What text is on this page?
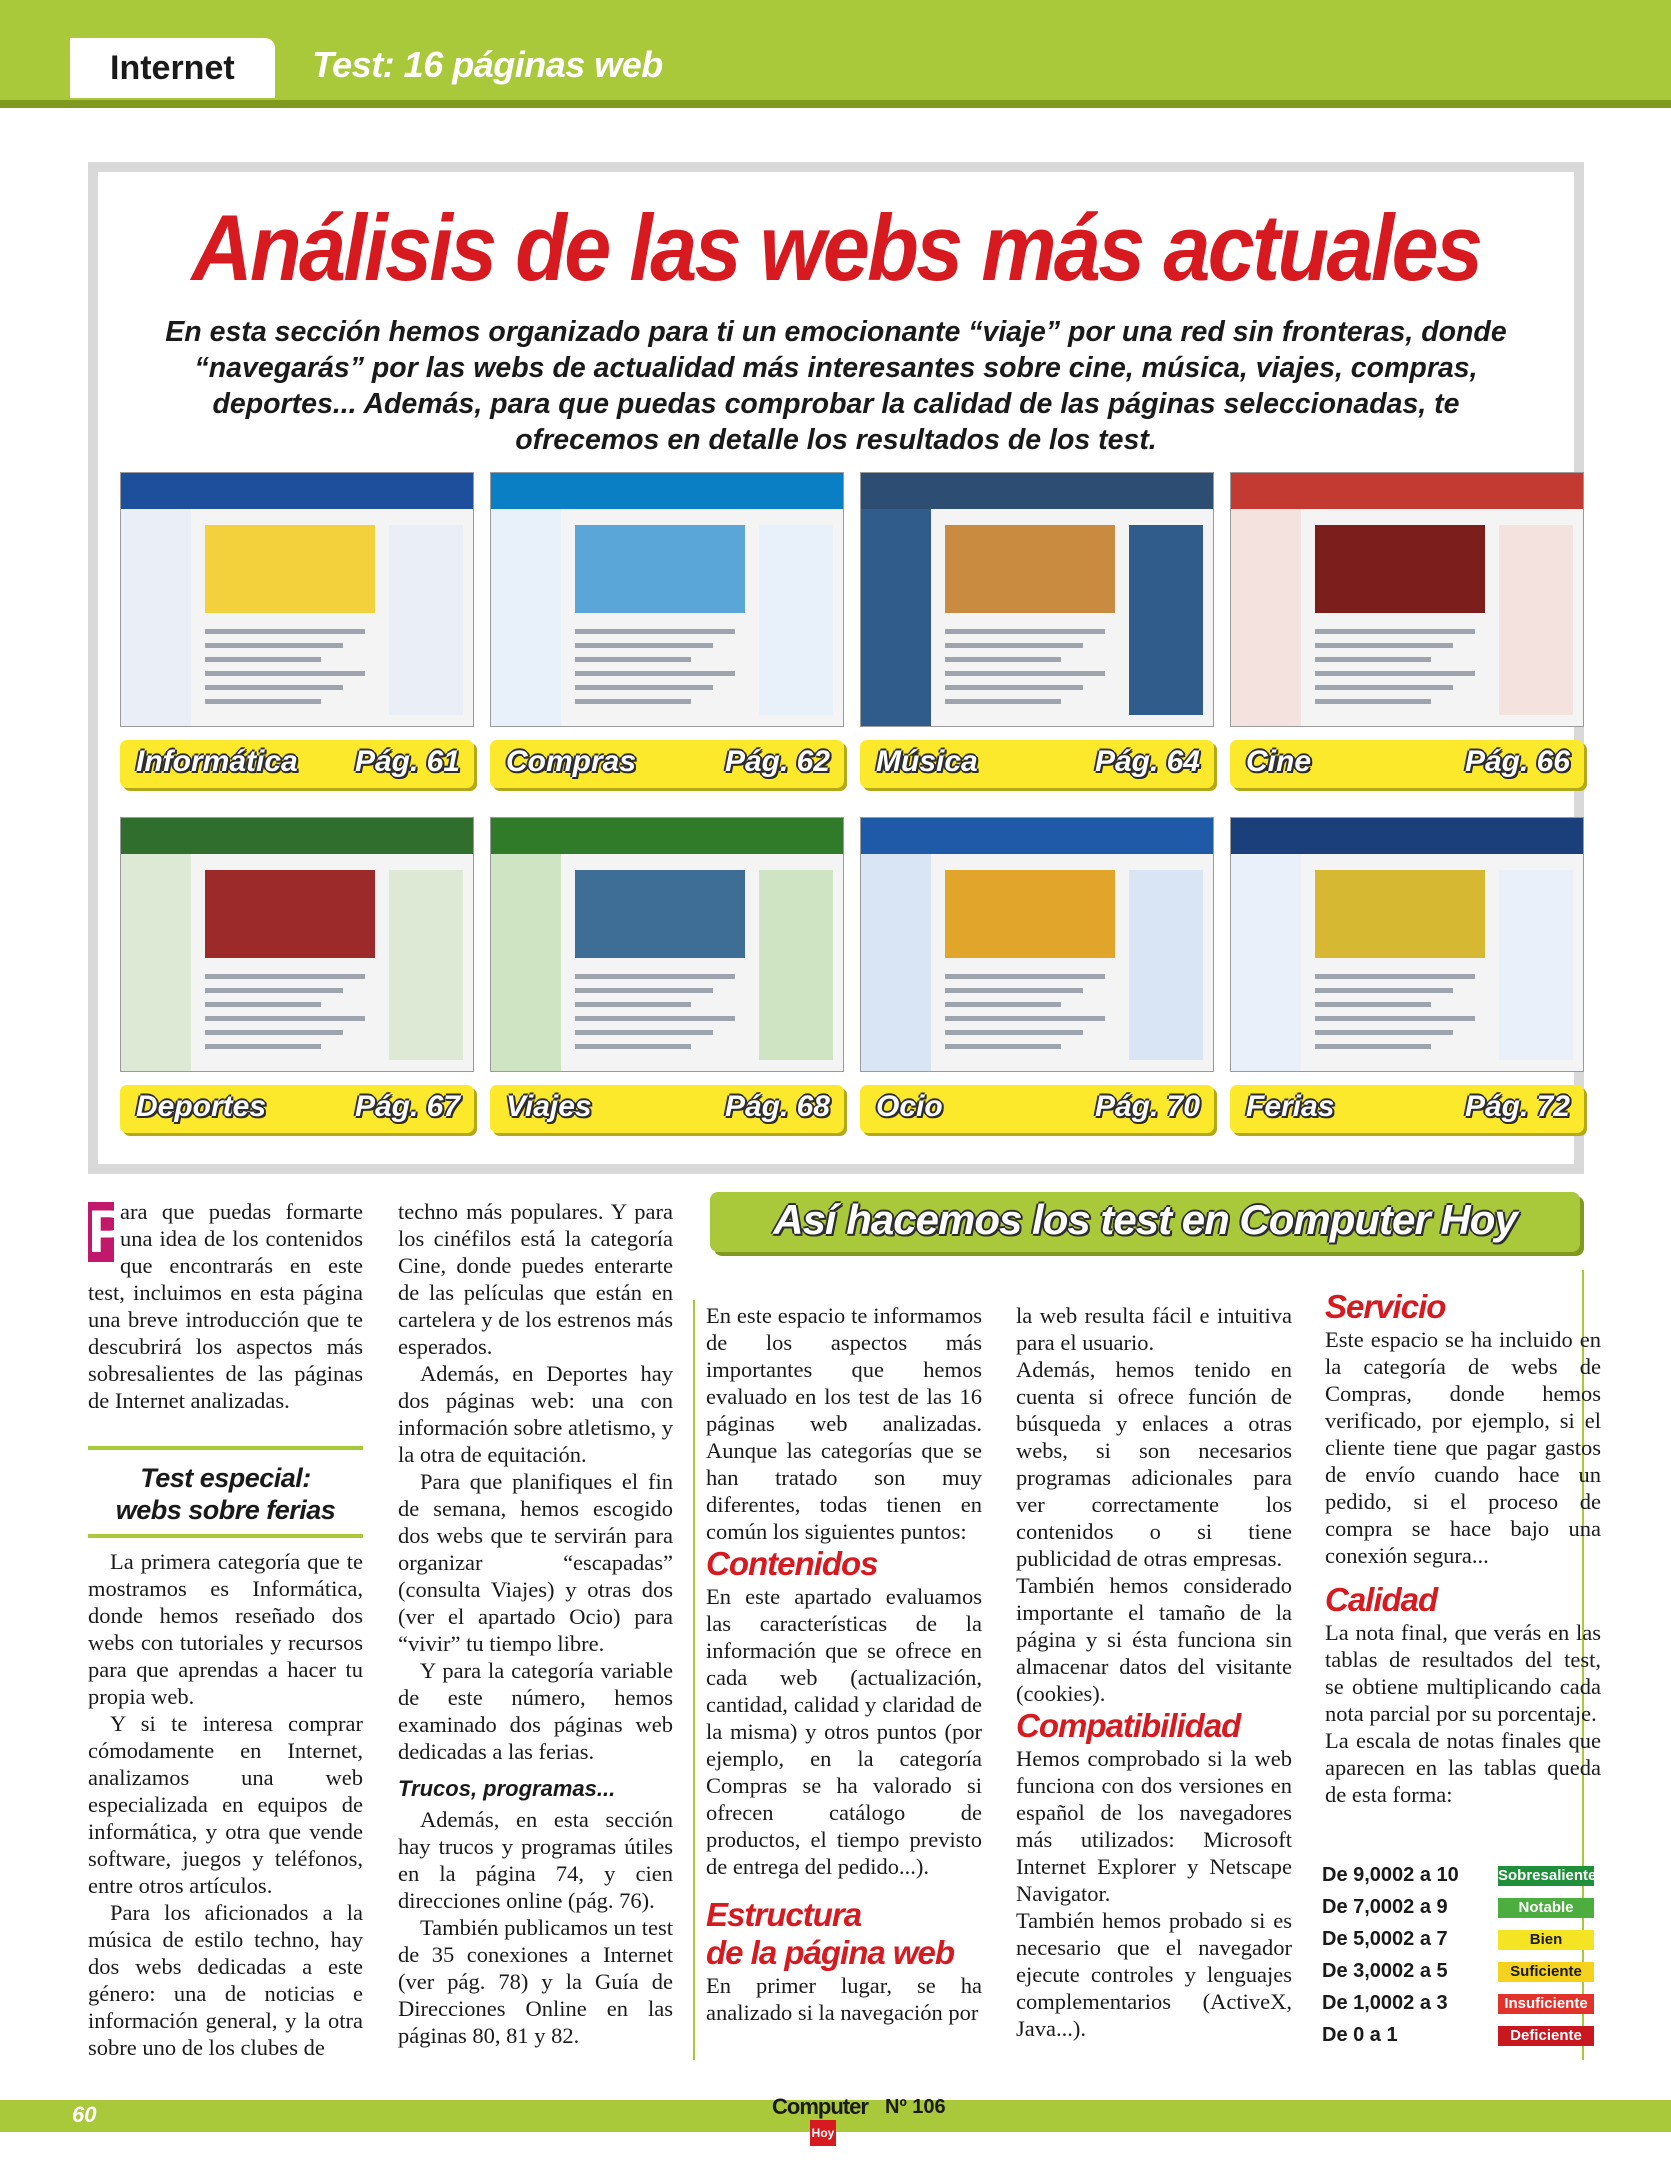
Internet	Test: 16 páginas web
Análisis de las webs más actuales
En esta sección hemos organizado para ti un emocionante “viaje” por una red sin fronteras, donde “navegarás” por las webs de actualidad más interesantes sobre cine, música, viajes, compras, deportes... Además, para que puedas comprobar la calidad de las páginas seleccionadas, te ofrecemos en detalle los resultados de los test.
Informática Pág. 61 Compras	Pág. 62 Música	Pág. 64 Cine	Pág. 66
Deportes	Pág. 67 Viajes	Pág. 68 Ocio	Pág. 70 Ferias	Pág. 72

P
ara que puedas formarte una idea de los contenidos que encontrarás en este test, incluimos en esta página una breve introducción que te descubrirá los aspectos más sobresalientes de las páginas de Internet analizadas.

Test especial:
webs sobre ferias

La primera categoría que te mostramos es Informática, donde hemos reseñado dos webs con tutoriales y recursos para que aprendas a hacer tu propia web.

Y si te interesa comprar cómodamente en Internet, analizamos una web especializada en equipos de informática, y otra que vende software, juegos y teléfonos, entre otros artículos.

Para los aficionados a la música de estilo techno, hay dos webs dedicadas a este género: una de noticias e información general, y la otra sobre uno de los clubes de

techno más populares. Y para los cinéfilos está la categoría Cine, donde puedes enterarte de las películas que están en cartelera y de los estrenos más esperados.

Además, en Deportes hay dos páginas web: una con información sobre atletismo, y la otra de equitación.

Para que planifiques el fin de semana, hemos escogido dos webs que te servirán para organizar “escapadas” (consulta Viajes) y otras dos (ver el apartado Ocio) para “vivir” tu tiempo libre.

Y para la categoría variable de este número, hemos examinado dos páginas web dedicadas a las ferias.

Trucos, programas...

Además, en esta sección hay trucos y programas útiles en la página 74, y cien direcciones online (pág. 76).

También publicamos un test de 35 conexiones a Internet (ver pág. 78) y la Guía de Direcciones Online en las páginas 80, 81 y 82.

Así hacemos los test en Computer Hoy

En este espacio te informamos de los aspectos más importantes que hemos evaluado en los test de las 16 páginas web analizadas. Aunque las categorías que se han tratado son muy diferentes, todas tienen en común los siguientes puntos:

Contenidos

En este apartado evaluamos las características de la información que se ofrece en cada web (actualización, cantidad, calidad y claridad de la misma) y otros puntos (por ejemplo, en la categoría Compras se ha valorado si ofrecen catálogo de productos, el tiempo previsto de entrega del pedido...).

Estructura
de la página web

En primer lugar, se ha analizado si la navegación por

la web resulta fácil e intuitiva para el usuario.

Además, hemos tenido en cuenta si ofrece función de búsqueda y enlaces a otras webs, si son necesarios programas adicionales para ver correctamente los contenidos o si tiene publicidad de otras empresas.

También hemos considerado importante el tamaño de la página y si ésta funciona sin almacenar datos del visitante (cookies).

Compatibilidad

Hemos comprobado si la web funciona con dos versiones en español de los navegadores más utilizados: Microsoft Internet Explorer y Netscape Navigator.

También hemos probado si es necesario que el navegador ejecute controles y lenguajes complementarios (ActiveX, Java...).

Servicio

Este espacio se ha incluido en la categoría de webs de Compras, donde hemos verificado, por ejemplo, si el cliente tiene que pagar gastos de envío cuando hace un pedido, si el proceso de compra se hace bajo una conexión segura...

Calidad

La nota final, que verás en las tablas de resultados del test, se obtiene multiplicando cada nota parcial por su porcentaje.

La escala de notas finales que aparecen en las tablas queda de esta forma:

De 9,0002 a 10	Sobresaliente
De 7,0002 a 9	Notable
De 5,0002 a 7	Bien
De 3,0002 a 5	Suficiente
De 1,0002 a 3	Insuficiente
De 0 a 1	Deficiente
60	Computer
Hoy
Nº 106
